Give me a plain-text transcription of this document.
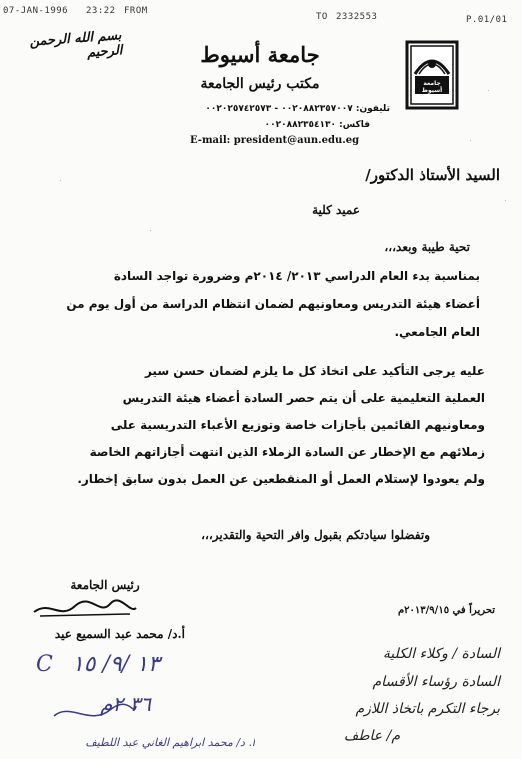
07-JAN-1996 23:22 FROM
TO 2332553	P.01/01
بسم الله الرحمن الرحيم	جامعة أسيوط
مكتب رئيس الجامعة
تليفون: ٠٠٢٠٨٨٢٣٥٧٠٠٧ - ٠٠٢٠٢٥٧٤٢٥٧٣
فاكس: ٠٠٢٠٨٨٢٣٥٤١٣٠
E-mail: president@aun.edu.eg
جامعة أسيوط
السيد الأستاذ الدكتور/
عميد كلية
تحية طيبة وبعد،،،
بمناسبة بدء العام الدراسي ٢٠١٣/ ٢٠١٤م وضرورة تواجد السادة
أعضاء هيئة التدريس ومعاونيهم لضمان انتظام الدراسة من أول يوم من
العام الجامعي.
عليه يرجى التأكيد على اتخاذ كل ما يلزم لضمان حسن سير
العملية التعليمية على أن يتم حصر السادة أعضاء هيئة التدريس
ومعاونيهم القائمين بأجازات خاصة وتوزيع الأعباء التدريسية على
زملائهم مع الإخطار عن السادة الزملاء الذين انتهت أجازاتهم الخاصة
ولم يعودوا لإستلام العمل أو المنقطعين عن العمل بدون سابق إخطار.
وتفضلوا سيادتكم بقبول وافر التحية والتقدير،،،
رئيس الجامعة
أ.د/ محمد عبد السميع عيد
تحريراً في ٢٠١٣/٩/١٥م
C ١٣ /٩/ ١٥
٣٦ ٢م
السادة / وكلاء الكلية
السادة رؤساء الأقسام
برجاء التكرم باتخاذ اللازم
م/ عاطف
ا. د/ محمد ابراهيم الغاني عبد اللطيف
